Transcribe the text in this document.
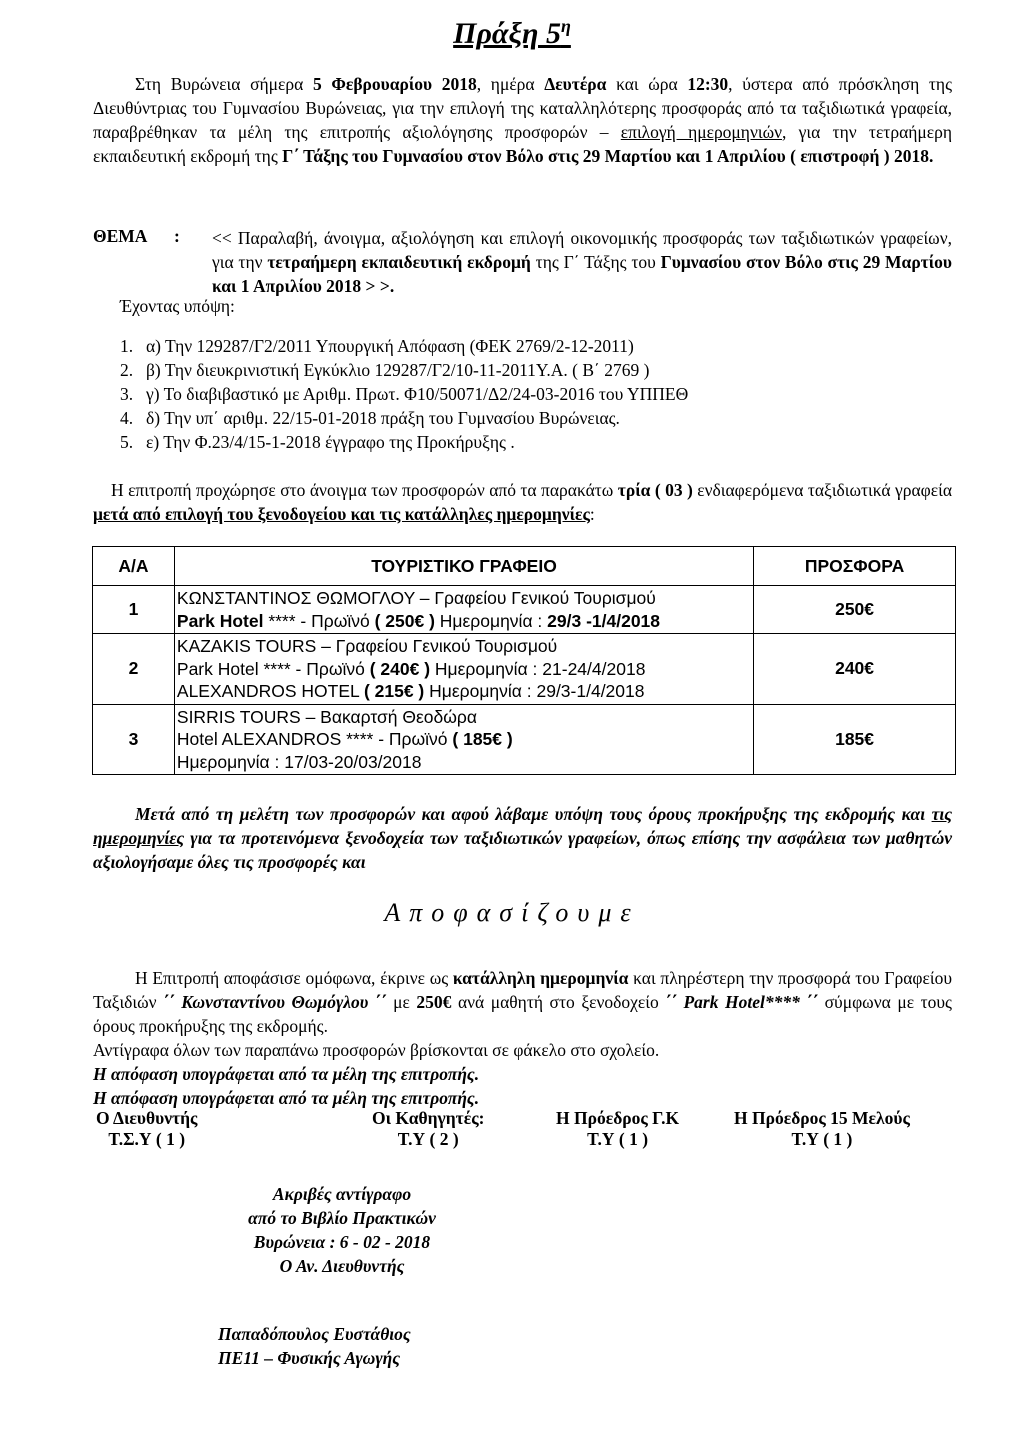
Πράξη $5^\eta$
Στη Βυρώνεια σήμερα 5 Φεβρουαρίου 2018, ημέρα Δευτέρα και ώρα 12:30, ύστερα από πρόσκληση της Διευθύντριας του Γυμνασίου Βυρώνειας, για την επιλογή της καταλληλότερης προσφοράς από τα ταξιδιωτικά γραφεία, παραβρέθηκαν τα μέλη της επιτροπής αξιολόγησης προσφορών – επιλογή ημερομηνιών, για την τετραήμερη εκπαιδευτική εκδρομή της Γ΄ Τάξης του Γυμνασίου στον Βόλο στις 29 Μαρτίου και 1 Απριλίου ( επιστροφή ) 2018.
ΘΕΜΑ : << Παραλαβή, άνοιγμα, αξιολόγηση και επιλογή οικονομικής προσφοράς των ταξιδιωτικών γραφείων, για την τετραήμερη εκπαιδευτική εκδρομή της Γ΄ Τάξης του Γυμνασίου στον Βόλο στις 29 Μαρτίου και 1 Απριλίου 2018 > >.
Έχοντας υπόψη:
1. α) Την 129287/Γ2/2011 Υπουργική Απόφαση (ΦΕΚ 2769/2-12-2011)
2. β) Την διευκρινιστική Εγκύκλιο 129287/Γ2/10-11-2011Υ.Α. ( Β΄ 2769 )
3. γ) Το διαβιβαστικό με Αριθμ. Πρωτ. Φ10/50071/Δ2/24-03-2016 του ΥΠΠΕΘ
4. δ) Την υπ΄ αριθμ. 22/15-01-2018 πράξη του Γυμνασίου Βυρώνειας.
5. ε) Την Φ.23/4/15-1-2018 έγγραφο της Προκήρυξης .
Η επιτροπή προχώρησε στο άνοιγμα των προσφορών από τα παρακάτω τρία ( 03 ) ενδιαφερόμενα ταξιδιωτικά γραφεία μετά από επιλογή του ξενοδογείου και τις κατάλληλες ημερομηνίες:
Α/Α	ΤΟΥΡΙΣΤΙΚΟ ΓΡΑΦΕΙΟ	ΠΡΟΣΦΟΡΑ
1	ΚΩΝΣΤΑΝΤΙΝΟΣ ΘΩΜΟΓΛΟΥ – Γραφείου Γενικού Τουρισμού
Park Hotel **** - Πρωϊνό ( 250€ ) Ημερομηνία : 29/3 -1/4/2018	250€
2	KAZAKIS TOURS – Γραφείου Γενικού Τουρισμού
Park Hotel **** - Πρωϊνό ( 240€ ) Ημερομηνία : 21-24/4/2018
ALEXANDROS HOTEL ( 215€ ) Ημερομηνία : 29/3-1/4/2018	240€
3	SIRRIS TOURS – Βακαρτσή Θεοδώρα
Hotel ALEXANDROS **** - Πρωϊνό ( 185€ )
Ημερομηνία : 17/03-20/03/2018	185€
Μετά από τη μελέτη των προσφορών και αφού λάβαμε υπόψη τους όρους προκήρυξης της εκδρομής και τις ημερομηνίες για τα προτεινόμενα ξενοδοχεία των ταξιδιωτικών γραφείων, όπως επίσης την ασφάλεια των μαθητών αξιολογήσαμε όλες τις προσφορές και
Αποφασίζουμε
Η Επιτροπή αποφάσισε ομόφωνα, έκρινε ως κατάλληλη ημερομηνία και πληρέστερη την προσφορά του Γραφείου Ταξιδιών ΄΄ Κωνσταντίνου Θωμόγλου ΄΄ με 250€ ανά μαθητή στο ξενοδοχείο ΄΄ Park Hotel**** ΄΄ σύμφωνα με τους όρους προκήρυξης της εκδρομής.
Αντίγραφα όλων των παραπάνω προσφορών βρίσκονται σε φάκελο στο σχολείο.
Η απόφαση υπογράφεται από τα μέλη της επιτροπής.
Η απόφαση υπογράφεται από τα μέλη της επιτροπής.
Ο Διευθυντής
Τ.Σ.Υ ( 1 )
Οι Καθηγητές:
Τ.Υ ( 2 )
Η Πρόεδρος Γ.Κ
Τ.Υ ( 1 )
Η Πρόεδρος 15 Μελούς
Τ.Υ ( 1 )
Ακριβές αντίγραφο
από το Βιβλίο Πρακτικών
Βυρώνεια : 6 - 02 - 2018
Ο Αν. Διευθυντής
Παπαδόπουλος Ευστάθιος
ΠΕ11 – Φυσικής Αγωγής
